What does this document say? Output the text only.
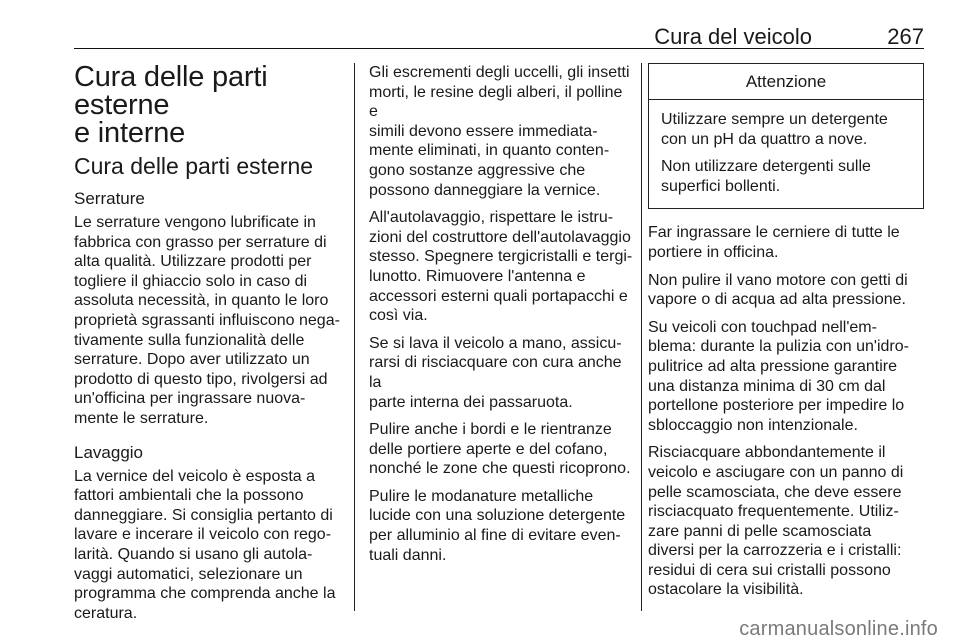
Cura del veicolo	267
Cura delle parti esterne
e interne
Cura delle parti esterne
Serrature

Le serrature vengono lubrificate in
fabbrica con grasso per serrature di
alta qualità. Utilizzare prodotti per
togliere il ghiaccio solo in caso di
assoluta necessità, in quanto le loro
proprietà sgrassanti influiscono nega-
tivamente sulla funzionalità delle
serrature. Dopo aver utilizzato un
prodotto di questo tipo, rivolgersi ad
un'officina per ingrassare nuova-
mente le serrature.

Lavaggio

La vernice del veicolo è esposta a
fattori ambientali che la possono
danneggiare. Si consiglia pertanto di
lavare e incerare il veicolo con rego-
larità. Quando si usano gli autola-
vaggi automatici, selezionare un
programma che comprenda anche la
ceratura.

Gli escrementi degli uccelli, gli insetti
morti, le resine degli alberi, il polline e
simili devono essere immediata-
mente eliminati, in quanto conten-
gono sostanze aggressive che
possono danneggiare la vernice.

All'autolavaggio, rispettare le istru-
zioni del costruttore dell'autolavaggio
stesso. Spegnere tergicristalli e tergi-
lunotto. Rimuovere l'antenna e
accessori esterni quali portapacchi e
così via.

Se si lava il veicolo a mano, assicu-
rarsi di risciacquare con cura anche la
parte interna dei passaruota.

Pulire anche i bordi e le rientranze
delle portiere aperte e del cofano,
nonché le zone che questi ricoprono.

Pulire le modanature metalliche
lucide con una soluzione detergente
per alluminio al fine di evitare even-
tuali danni.

Attenzione

Utilizzare sempre un detergente
con un pH da quattro a nove.

Non utilizzare detergenti sulle
superfici bollenti.

Far ingrassare le cerniere di tutte le
portiere in officina.

Non pulire il vano motore con getti di
vapore o di acqua ad alta pressione.

Su veicoli con touchpad nell'em-
blema: durante la pulizia con un'idro-
pulitrice ad alta pressione garantire
una distanza minima di 30 cm dal
portellone posteriore per impedire lo
sbloccaggio non intenzionale.

Risciacquare abbondantemente il
veicolo e asciugare con un panno di
pelle scamosciata, che deve essere
risciacquato frequentemente. Utiliz-
zare panni di pelle scamosciata
diversi per la carrozzeria e i cristalli:
residui di cera sui cristalli possono
ostacolare la visibilità.

carmanualsonline.info
